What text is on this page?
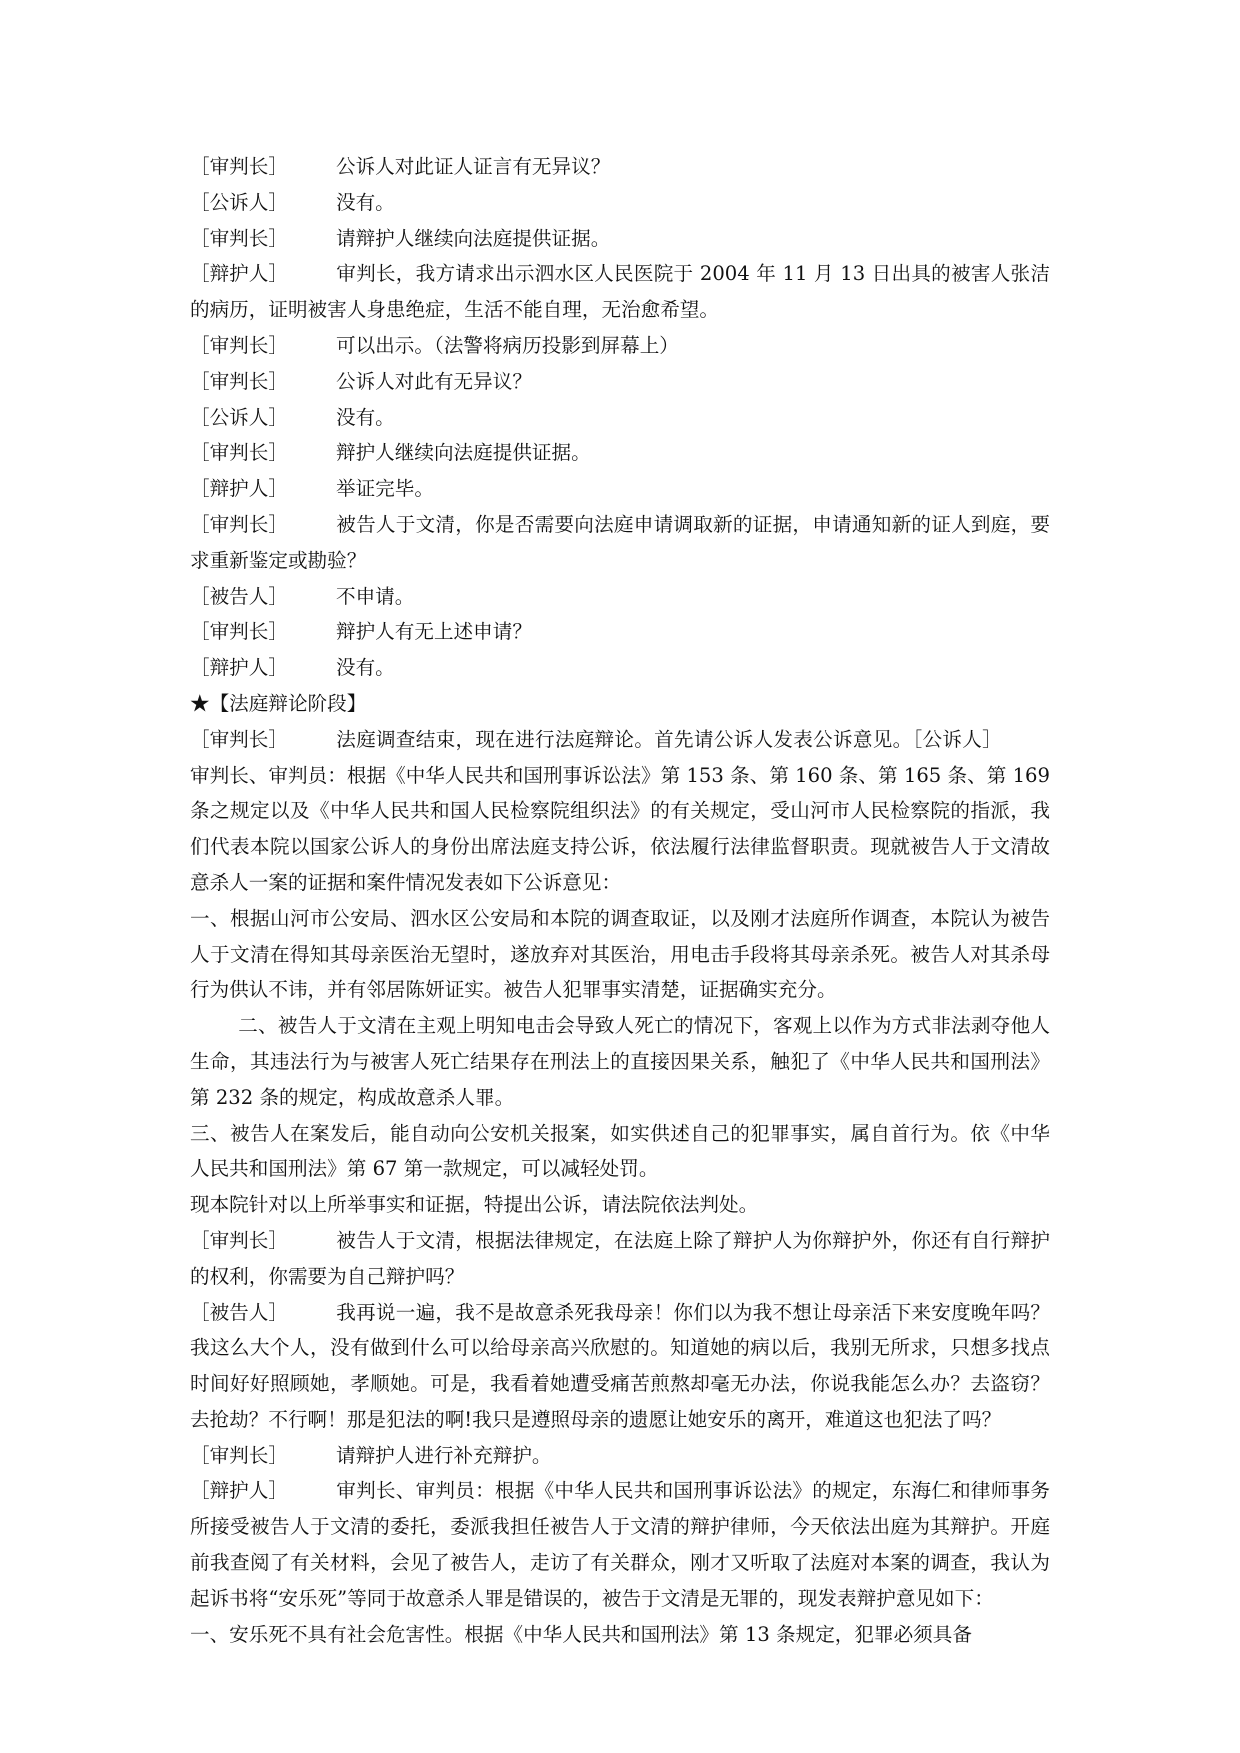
［审判长］ 公诉人对此证人证言有无异议？
［公诉人］ 没有。
［审判长］ 请辩护人继续向法庭提供证据。
［辩护人］ 审判长，我方请求出示泗水区人民医院于 2004 年 11 月 13 日出具的被害人张洁的病历，证明被害人身患绝症，生活不能自理，无治愈希望。
［审判长］ 可以出示。（法警将病历投影到屏幕上）
［审判长］ 公诉人对此有无异议？
［公诉人］ 没有。
［审判长］ 辩护人继续向法庭提供证据。
［辩护人］ 举证完毕。
［审判长］ 被告人于文清，你是否需要向法庭申请调取新的证据，申请通知新的证人到庭，要求重新鉴定或勘验？
［被告人］ 不申请。
［审判长］ 辩护人有无上述申请？
［辩护人］ 没有。
★【法庭辩论阶段】
［审判长］ 法庭调查结束，现在进行法庭辩论。首先请公诉人发表公诉意见。［公诉人］审判长、审判员：根据《中华人民共和国刑事诉讼法》第 153 条、第 160 条、第 165 条、第 169 条之规定以及《中华人民共和国人民检察院组织法》的有关规定，受山河市人民检察院的指派，我们代表本院以国家公诉人的身份出席法庭支持公诉，依法履行法律监督职责。现就被告人于文清故意杀人一案的证据和案件情况发表如下公诉意见：
一、根据山河市公安局、泗水区公安局和本院的调查取证，以及刚才法庭所作调查，本院认为被告人于文清在得知其母亲医治无望时，遂放弃对其医治，用电击手段将其母亲杀死。被告人对其杀母行为供认不讳，并有邻居陈妍证实。被告人犯罪事实清楚，证据确实充分。
二、被告人于文清在主观上明知电击会导致人死亡的情况下，客观上以作为方式非法剥夺他人生命，其违法行为与被害人死亡结果存在刑法上的直接因果关系，触犯了《中华人民共和国刑法》第 232 条的规定，构成故意杀人罪。
三、被告人在案发后，能自动向公安机关报案，如实供述自己的犯罪事实，属自首行为。依《中华人民共和国刑法》第 67 第一款规定，可以减轻处罚。
现本院针对以上所举事实和证据，特提出公诉，请法院依法判处。
［审判长］ 被告人于文清，根据法律规定，在法庭上除了辩护人为你辩护外，你还有自行辩护的权利，你需要为自己辩护吗？
［被告人］ 我再说一遍，我不是故意杀死我母亲！你们以为我不想让母亲活下来安度晚年吗？我这么大个人，没有做到什么可以给母亲高兴欣慰的。知道她的病以后，我别无所求，只想多找点时间好好照顾她，孝顺她。可是，我看着她遭受痛苦煎熬却毫无办法，你说我能怎么办？去盗窃？去抢劫？不行啊！那是犯法的啊!我只是遵照母亲的遗愿让她安乐的离开，难道这也犯法了吗？
［审判长］ 请辩护人进行补充辩护。
［辩护人］ 审判长、审判员：根据《中华人民共和国刑事诉讼法》的规定，东海仁和律师事务所接受被告人于文清的委托，委派我担任被告人于文清的辩护律师，今天依法出庭为其辩护。开庭前我查阅了有关材料，会见了被告人，走访了有关群众，刚才又听取了法庭对本案的调查，我认为起诉书将“安乐死”等同于故意杀人罪是错误的，被告于文清是无罪的，现发表辩护意见如下：
一、安乐死不具有社会危害性。根据《中华人民共和国刑法》第 13 条规定，犯罪必须具备
